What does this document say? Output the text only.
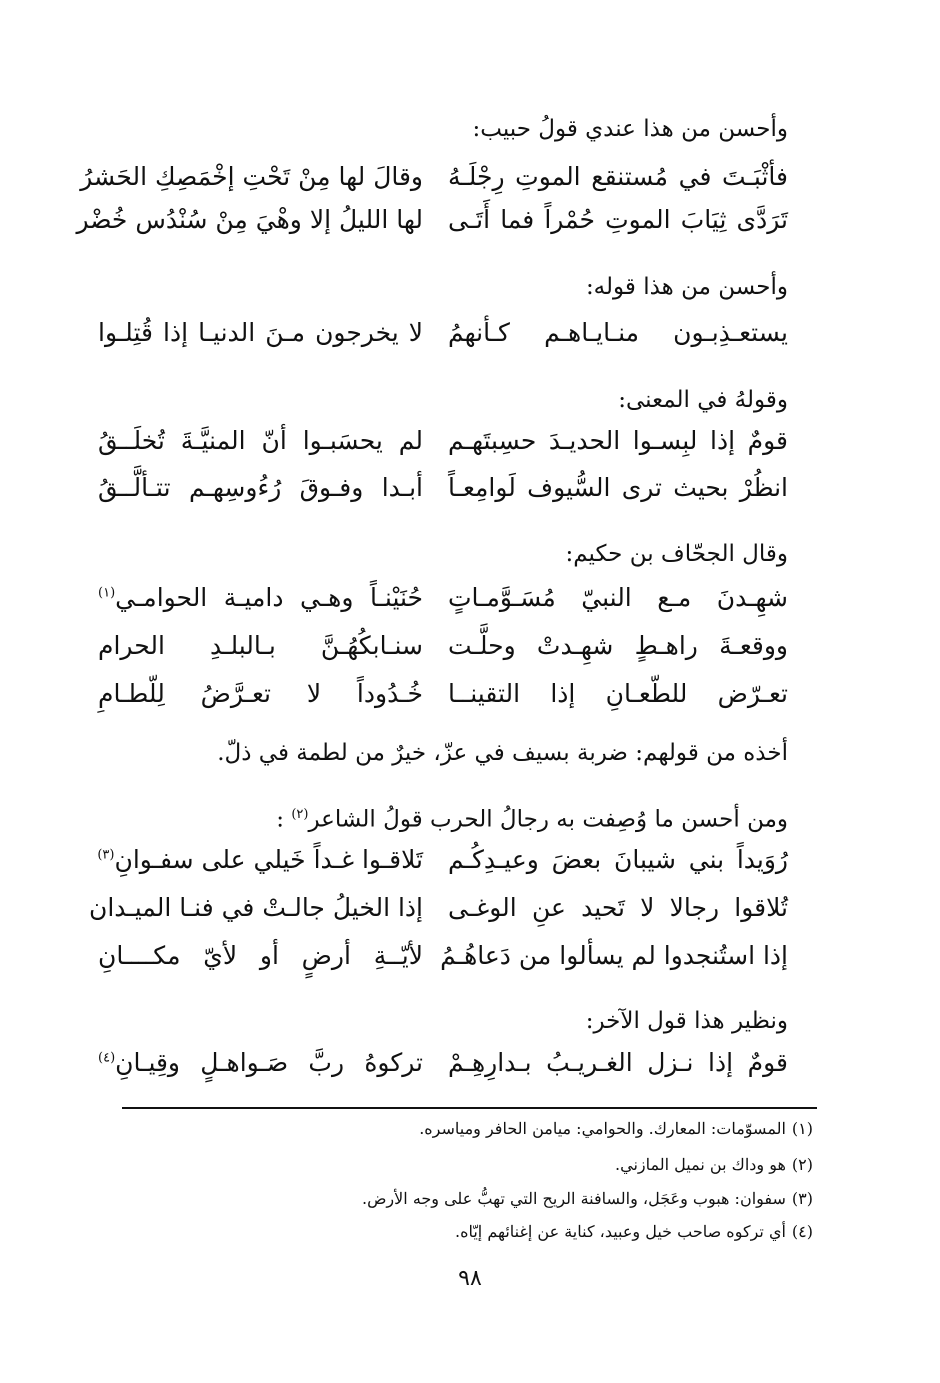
وأحسن من هذا عندي قولُ حبيب:
فأثْبَـتَ في مُستنقع الموتِ رِجْلَـهُ
وقالَ لها مِنْ تَحْتِ إخْمَصِكِ الحَشرُ
تَرَدَّى ثِيَابَ الموتِ حُمْراً فما أَتَـى
لها الليلُ إلا وهْيَ مِنْ سُنْدُس خُضْر
وأحسن من هذا قوله:
يستعـذِبـون منـايـاهـم كـأنهمُ
لا يخرجون مـنَ الدنيـا إذا قُتِلـوا
وقولهُ في المعنى:
قومٌ إذا لبِسـوا الحديـدَ حسِبتَهـم
لم يحسَبـوا أنّ المنيَّـةَ تُخلَــقُ
انظُرْ بحيث ترى السُّيوف لَوامِعـاً
أبـدا وفـوقَ رُءُوسِهـم تتـألَّــقُ
وقال الجحّاف بن حكيم:
شهِـدنَ مـع النبيّ مُسَـوَّمـاتٍ
حُنَيْنـاً وهـي داميـة الحوامـي$^{(١)}$
ووقعـةَ راهـطٍ شهِـدتْ وحلَّـت
سنـابكُهُـنَّ بـالبلـدِ الحرام
تعـرّض للطّعـانِ إذا التقينــا
خُـدُوداً لا تعـرَّضُ لِلّطـامِ
أخذه من قولهم: ضربة بسيف في عزّ، خيرٌ من لطمة في ذلّ.
ومن أحسن ما وُصِفت به رجالُ الحرب قولُ الشاعر$^{(٢)}$ :
رُوَيداً بني شيبانَ بعضَ وعيـدِكُـم
تَلاقـوا غـداً خَيلي على سفـوانِ$^{(٣)}$
تُلاقوا رجالا لا تَحيد عنِ الوغـى
إذا الخيلُ جالـتْ في فنـا الميـدان
إذا استُنجدوا لم يسألوا من دَعاهُـمُ
لأيّــةِ أرضٍ أو لأيّ مكــــانِ
ونظير هذا قول الآخر:
قومٌ إذا نـزل الغـريـبُ بـدارِهِـمْ
تركوهُ ربَّ صَـواهـلٍ وقِيـانِ$^{(٤)}$
(١)المسوّمات: المعارك. والحوامي: ميامن الحافر ومياسره.
(٢)هو وداك بن نميل المازني.
(٣)سفوان: هبوب وعَجَل، والسافنة الريح التي تهبُّ على وجه الأرض.
(٤)أي تركوه صاحب خيل وعبيد، كناية عن إغنائهم إيّاه.
٩٨
